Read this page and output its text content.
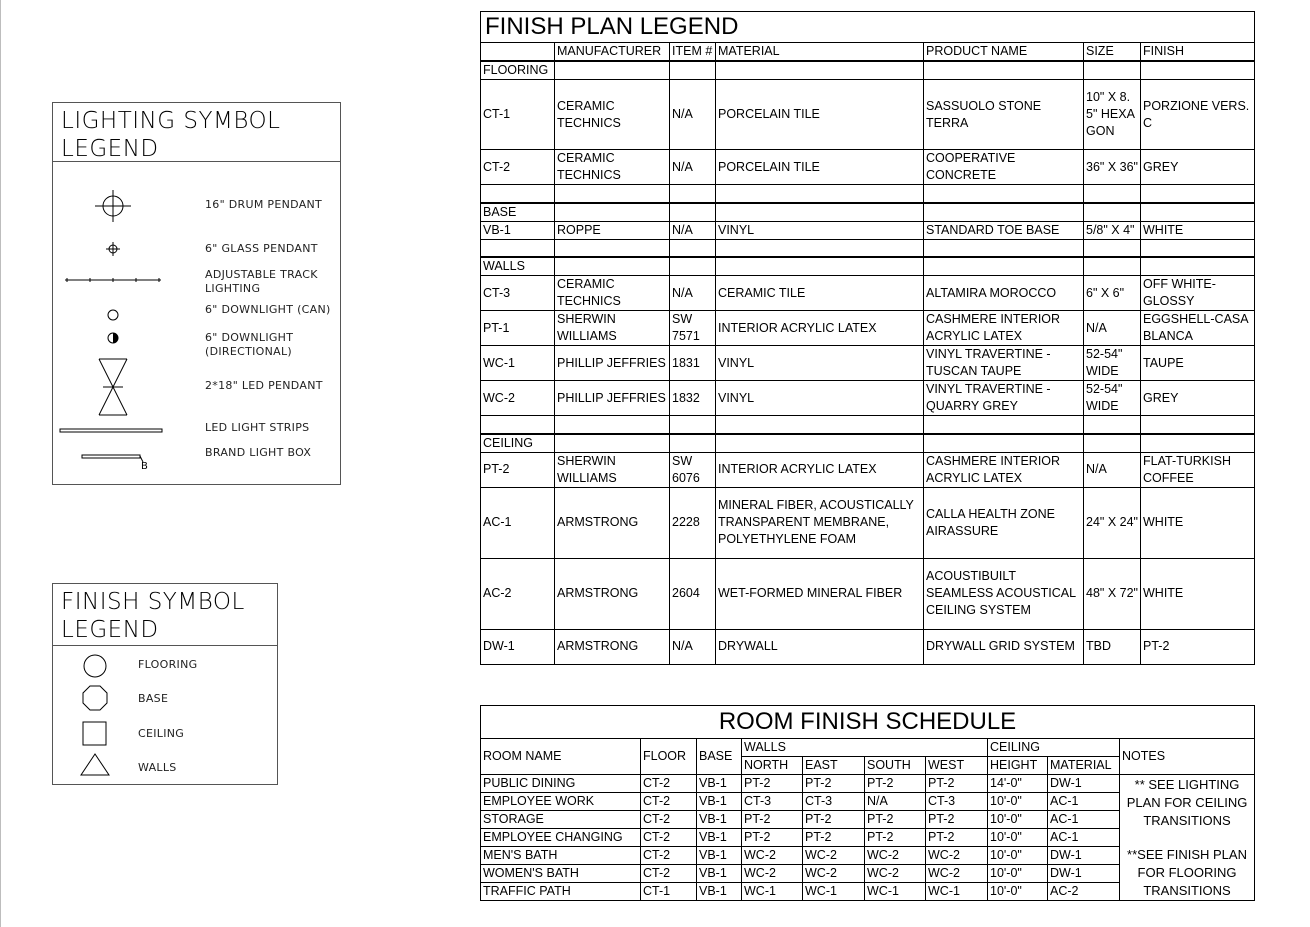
LIGHTING SYMBOL
LEGEND
16" DRUM PENDANT
6" GLASS PENDANT
ADJUSTABLE TRACK
LIGHTING
6" DOWNLIGHT (CAN)
6" DOWNLIGHT
(DIRECTIONAL)
2*18" LED PENDANT
LED LIGHT STRIPS
B
BRAND LIGHT BOX
FINISH SYMBOL
LEGEND
FLOORING
BASE
CEILING
WALLS
FINISH PLAN LEGEND						
	MANUFACTURER	ITEM #	MATERIAL	PRODUCT NAME	SIZE	FINISH
FLOORING						
CT-1	CERAMIC TECHNICS	N/A	PORCELAIN TILE	SASSUOLO STONE TERRA	10" X 8.5" HEXAGON	PORZIONE VERS. C
CT-2	CERAMIC TECHNICS	N/A	PORCELAIN TILE	COOPERATIVE CONCRETE	36" X 36"	GREY

BASE						
VB-1	ROPPE	N/A	VINYL	STANDARD TOE BASE	5/8" X 4"	WHITE

WALLS						
CT-3	CERAMIC TECHNICS	N/A	CERAMIC TILE	ALTAMIRA MOROCCO	6" X 6"	OFF WHITE-GLOSSY
PT-1	SHERWIN WILLIAMS	SW 7571	INTERIOR ACRYLIC LATEX	CASHMERE INTERIOR ACRYLIC LATEX	N/A	EGGSHELL-CASA BLANCA
WC-1	PHILLIP JEFFRIES	1831	VINYL	VINYL TRAVERTINE - TUSCAN TAUPE	52-54" WIDE	TAUPE
WC-2	PHILLIP JEFFRIES	1832	VINYL	VINYL TRAVERTINE - QUARRY GREY	52-54" WIDE	GREY

CEILING						
PT-2	SHERWIN WILLIAMS	SW 6076	INTERIOR ACRYLIC LATEX	CASHMERE INTERIOR ACRYLIC LATEX	N/A	FLAT-TURKISH COFFEE
AC-1	ARMSTRONG	2228	MINERAL FIBER, ACOUSTICALLY TRANSPARENT MEMBRANE, POLYETHYLENE FOAM	CALLA HEALTH ZONE AIRASSURE	24" X 24"	WHITE
AC-2	ARMSTRONG	2604	WET-FORMED MINERAL FIBER	ACOUSTIBUILT SEAMLESS ACOUSTICAL CEILING SYSTEM	48" X 72"	WHITE
DW-1	ARMSTRONG	N/A	DRYWALL	DRYWALL GRID SYSTEM	TBD	PT-2
ROOM FINISH SCHEDULE									
ROOM NAME	FLOOR	BASE	WALLS				CEILING		NOTES
			NORTH	EAST	SOUTH	WEST	HEIGHT	MATERIAL	
PUBLIC DINING	CT-2	VB-1	PT-2	PT-2	PT-2	PT-2	14'-0"	DW-1	** SEE LIGHTING PLAN FOR CEILING TRANSITIONS
**SEE FINISH PLAN FOR FLOORING TRANSITIONS

EMPLOYEE WORK	CT-2	VB-1	CT-3	CT-3	N/A	CT-3	10'-0"	AC-1	
STORAGE	CT-2	VB-1	PT-2	PT-2	PT-2	PT-2	10'-0"	AC-1	
EMPLOYEE CHANGING	CT-2	VB-1	PT-2	PT-2	PT-2	PT-2	10'-0"	AC-1	
MEN'S BATH	CT-2	VB-1	WC-2	WC-2	WC-2	WC-2	10'-0"	DW-1	
WOMEN'S BATH	CT-2	VB-1	WC-2	WC-2	WC-2	WC-2	10'-0"	DW-1	
TRAFFIC PATH	CT-1	VB-1	WC-1	WC-1	WC-1	WC-1	10'-0"	AC-2	
